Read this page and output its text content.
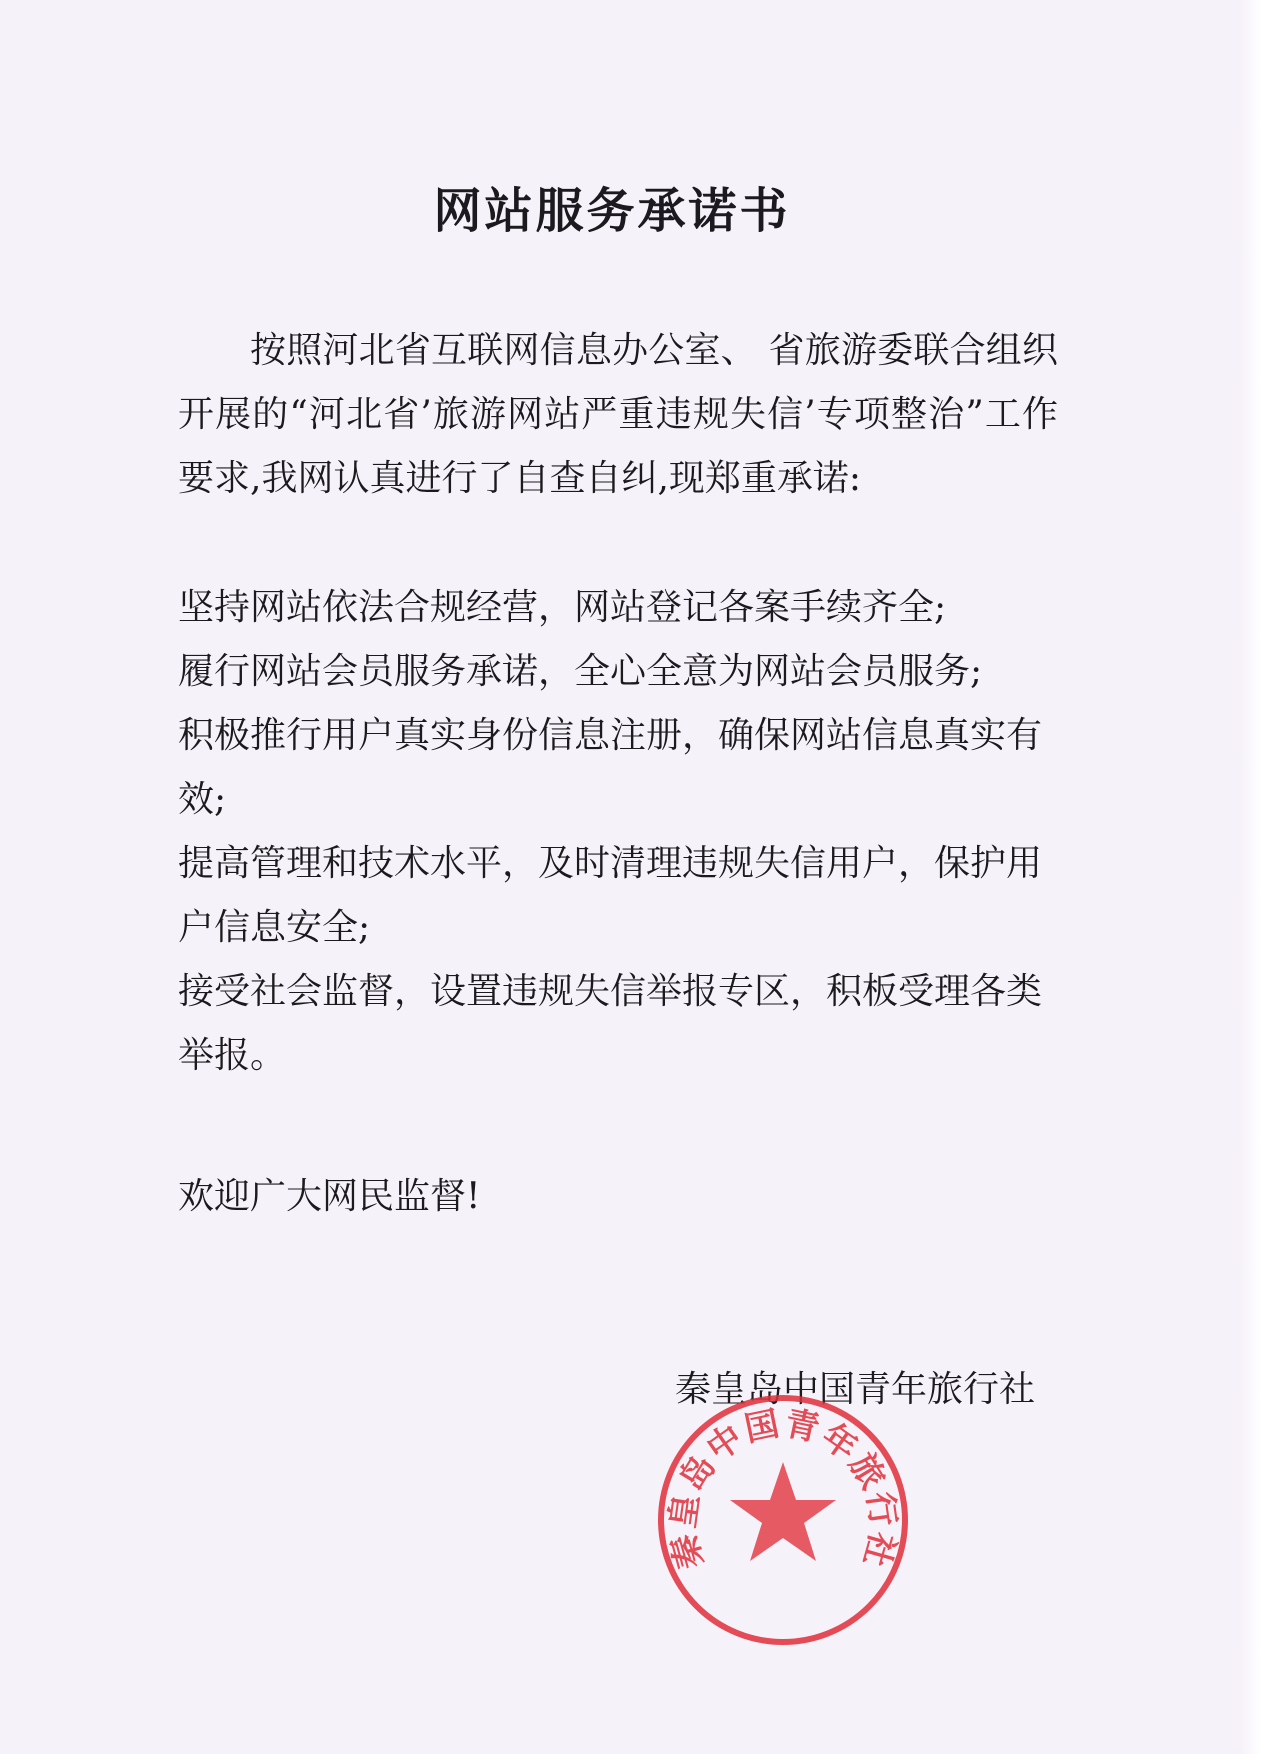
网站服务承诺书

按照河北省互联网信息办公室、 省旅游委联合组织开展的“河北省’旅游网站严重违规失信’专项整治”工作要求,我网认真进行了自查自纠,现郑重承诺:

坚持网站依法合规经营，网站登记各案手续齐全;

履行网站会员服务承诺，全心全意为网站会员服务;

积极推行用户真实身份信息注册，确保网站信息真实有效;

提高管理和技术水平，及时清理违规失信用户，保护用户信息安全;

接受社会监督，设置违规失信举报专区，积板受理各类举报。

欢迎广大网民监督!

秦皇岛中国青年旅行社

秦皇岛中国青年旅行社
